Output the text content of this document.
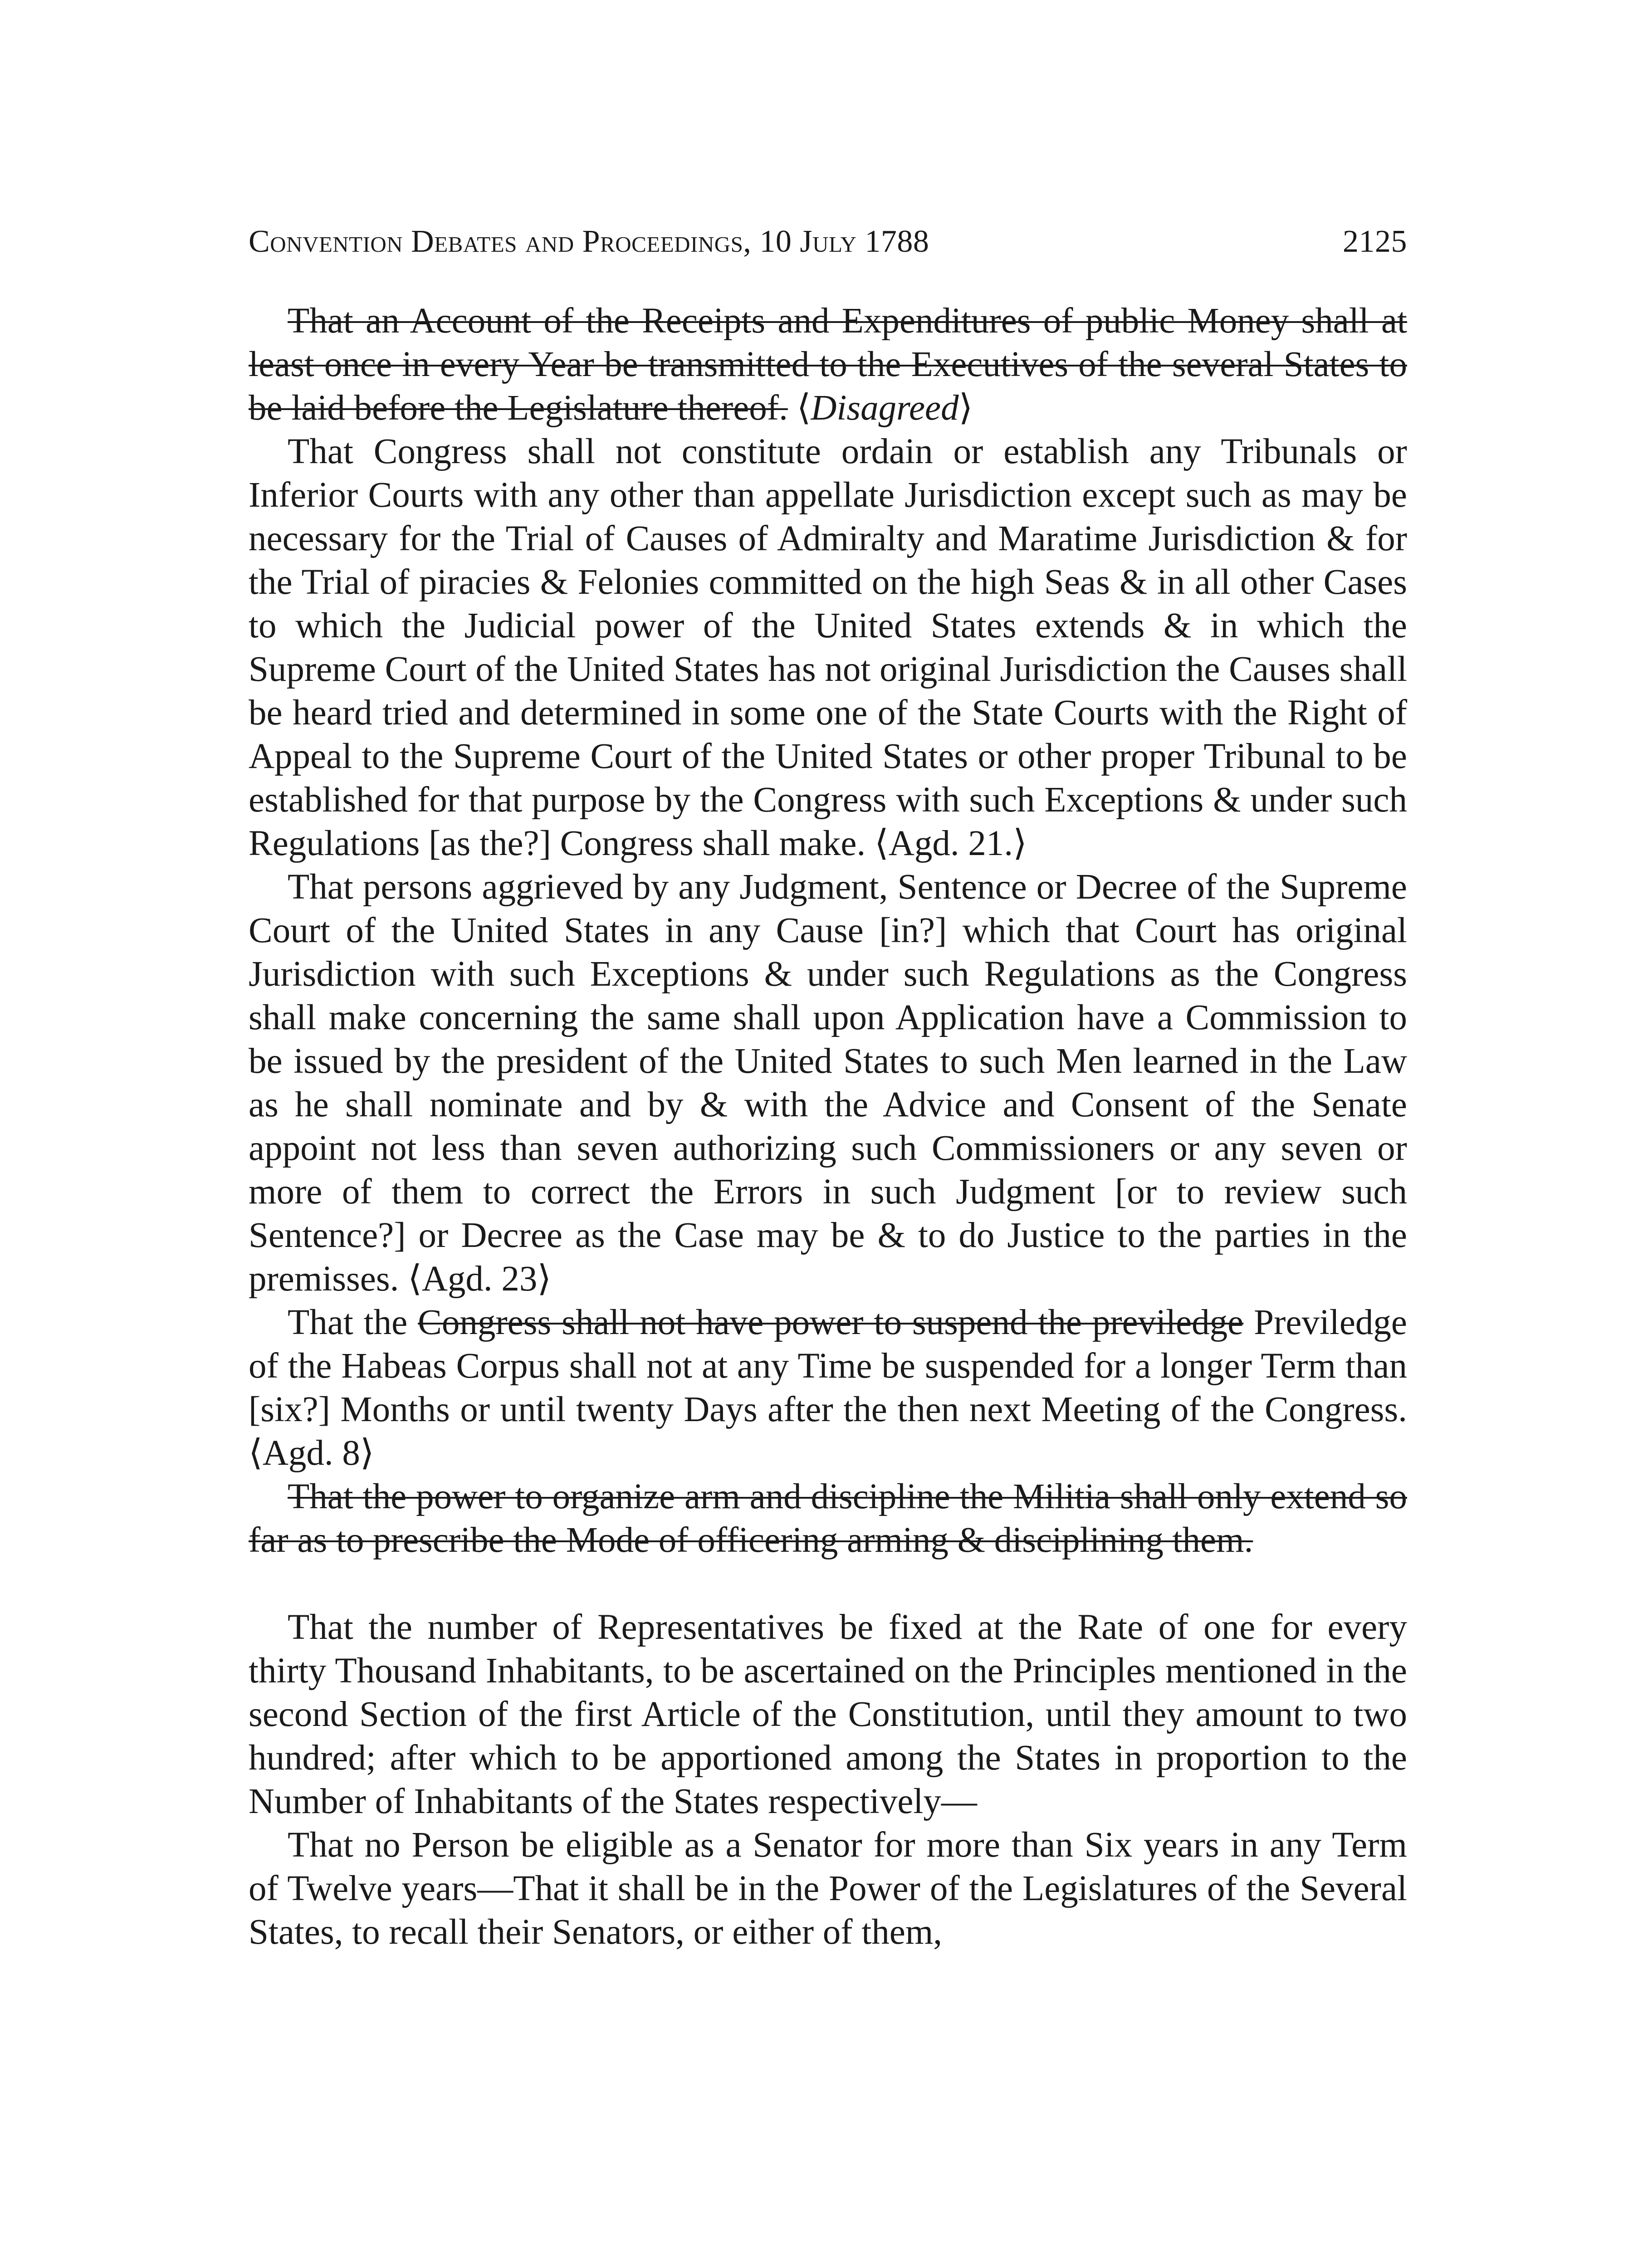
Convention Debates and Proceedings, 10 July 1788	2125

That an Account of the Receipts and Expenditures of public Money shall at least once in every Year be transmitted to the Executives of the several States to be laid before the Legislature thereof. ⟨Disagreed⟩

That Congress shall not constitute ordain or establish any Tribunals or Inferior Courts with any other than appellate Jurisdiction except such as may be necessary for the Trial of Causes of Admiralty and Maratime Jurisdiction & for the Trial of piracies & Felonies committed on the high Seas & in all other Cases to which the Judicial power of the United States extends & in which the Supreme Court of the United States has not original Jurisdiction the Causes shall be heard tried and determined in some one of the State Courts with the Right of Appeal to the Supreme Court of the United States or other proper Tribunal to be established for that purpose by the Congress with such Exceptions & under such Regulations [as the?] Congress shall make. ⟨Agd. 21.⟩

That persons aggrieved by any Judgment, Sentence or Decree of the Supreme Court of the United States in any Cause [in?] which that Court has original Jurisdiction with such Exceptions & under such Regulations as the Congress shall make concerning the same shall upon Application have a Commission to be issued by the president of the United States to such Men learned in the Law as he shall nominate and by & with the Advice and Consent of the Senate appoint not less than seven authorizing such Commissioners or any seven or more of them to correct the Errors in such Judgment [or to review such Sentence?] or Decree as the Case may be & to do Justice to the parties in the premisses. ⟨Agd. 23⟩

That the Congress shall not have power to suspend the previledge Previledge of the Habeas Corpus shall not at any Time be suspended for a longer Term than [six?] Months or until twenty Days after the then next Meeting of the Congress. ⟨Agd. 8⟩

That the power to organize arm and discipline the Militia shall only extend so far as to prescribe the Mode of officering arming & disciplining them.

That the number of Representatives be fixed at the Rate of one for every thirty Thousand Inhabitants, to be ascertained on the Principles mentioned in the second Section of the first Article of the Constitution, until they amount to two hundred; after which to be apportioned among the States in proportion to the Number of Inhabitants of the States respectively—

That no Person be eligible as a Senator for more than Six years in any Term of Twelve years—That it shall be in the Power of the Legislatures of the Several States, to recall their Senators, or either of them,
